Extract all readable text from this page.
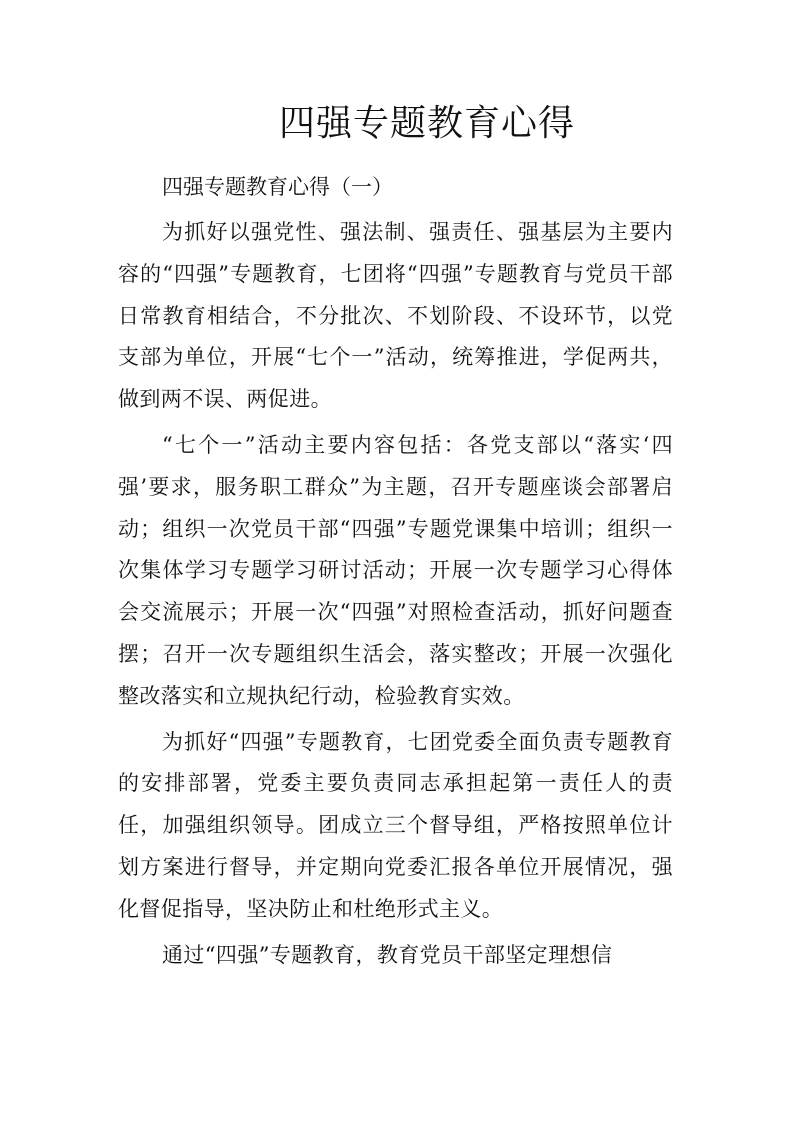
四强专题教育心得
四强专题教育心得（一）

为抓好以强党性、强法制、强责任、强基层为主要内容的“四强”专题教育，七团将“四强”专题教育与党员干部日常教育相结合，不分批次、不划阶段、不设环节，以党支部为单位，开展“七个一”活动，统筹推进，学促两共，做到两不误、两促进。

“七个一”活动主要内容包括：各党支部以“落实‘四强’要求，服务职工群众”为主题，召开专题座谈会部署启动；组织一次党员干部“四强”专题党课集中培训；组织一次集体学习专题学习研讨活动；开展一次专题学习心得体会交流展示；开展一次“四强”对照检查活动，抓好问题查摆；召开一次专题组织生活会，落实整改；开展一次强化整改落实和立规执纪行动，检验教育实效。

为抓好“四强”专题教育，七团党委全面负责专题教育的安排部署，党委主要负责同志承担起第一责任人的责任，加强组织领导。团成立三个督导组，严格按照单位计划方案进行督导，并定期向党委汇报各单位开展情况，强化督促指导，坚决防止和杜绝形式主义。

通过“四强”专题教育，教育党员干部坚定理想信
